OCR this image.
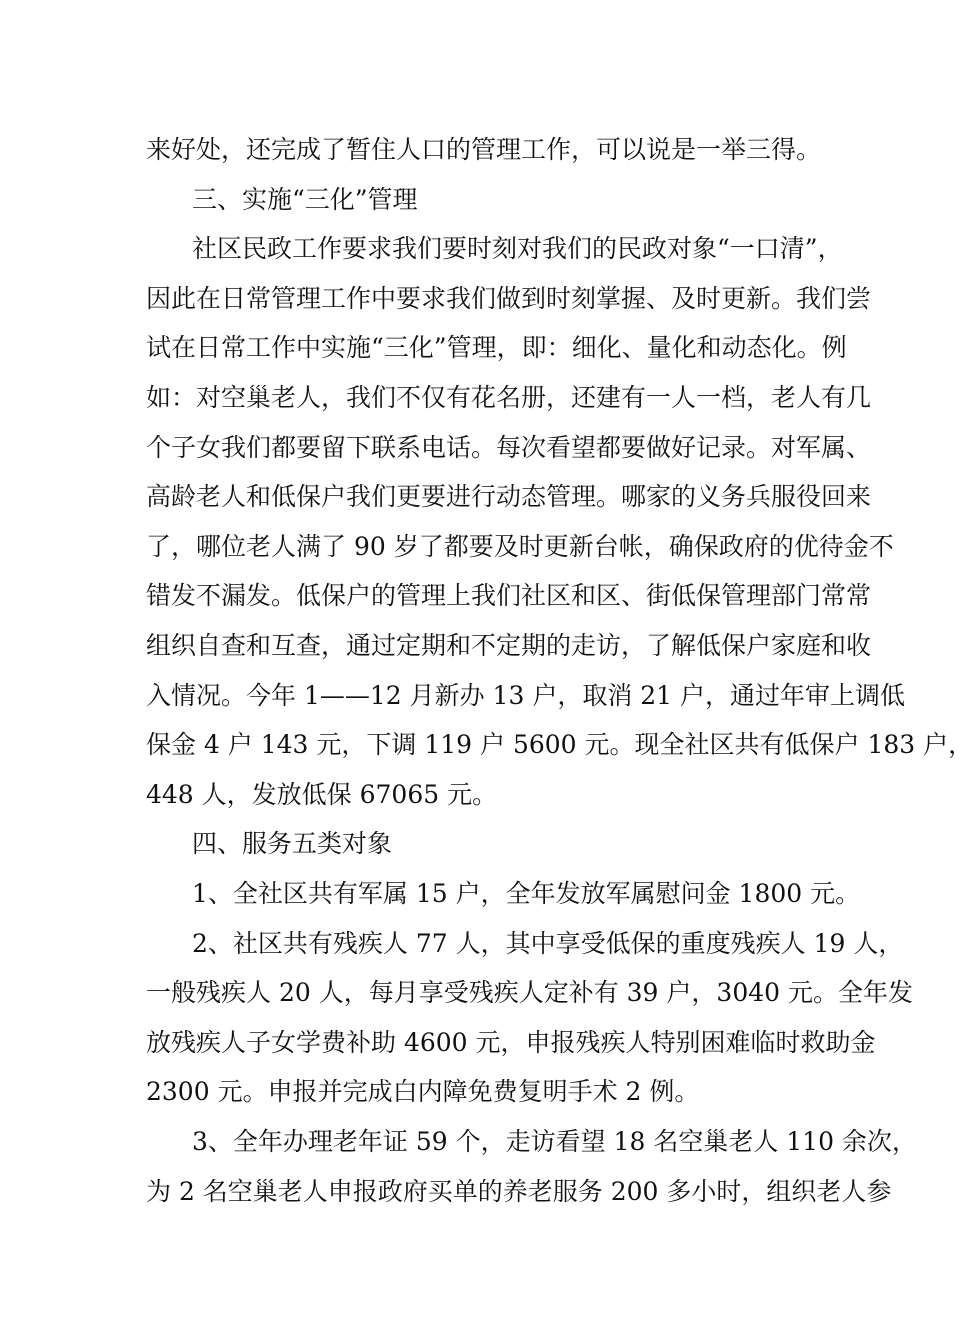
来好处，还完成了暂住人口的管理工作，可以说是一举三得。
三、实施“三化”管理
社区民政工作要求我们要时刻对我们的民政对象“一口清”，
因此在日常管理工作中要求我们做到时刻掌握、及时更新。我们尝
试在日常工作中实施“三化”管理，即：细化、量化和动态化。例
如：对空巢老人，我们不仅有花名册，还建有一人一档，老人有几
个子女我们都要留下联系电话。每次看望都要做好记录。对军属、
高龄老人和低保户我们更要进行动态管理。哪家的义务兵服役回来
了，哪位老人满了 90 岁了都要及时更新台帐，确保政府的优待金不
错发不漏发。低保户的管理上我们社区和区、街低保管理部门常常
组织自查和互查，通过定期和不定期的走访，了解低保户家庭和收
入情况。今年 1——12 月新办 13 户，取消 21 户，通过年审上调低
保金 4 户 143 元，下调 119 户 5600 元。现全社区共有低保户 183 户，
448 人，发放低保 67065 元。
四、服务五类对象
1、全社区共有军属 15 户，全年发放军属慰问金 1800 元。
2、社区共有残疾人 77 人，其中享受低保的重度残疾人 19 人，
一般残疾人 20 人，每月享受残疾人定补有 39 户，3040 元。全年发
放残疾人子女学费补助 4600 元，申报残疾人特别困难临时救助金
2300 元。申报并完成白内障免费复明手术 2 例。
3、全年办理老年证 59 个，走访看望 18 名空巢老人 110 余次，
为 2 名空巢老人申报政府买单的养老服务 200 多小时，组织老人参
